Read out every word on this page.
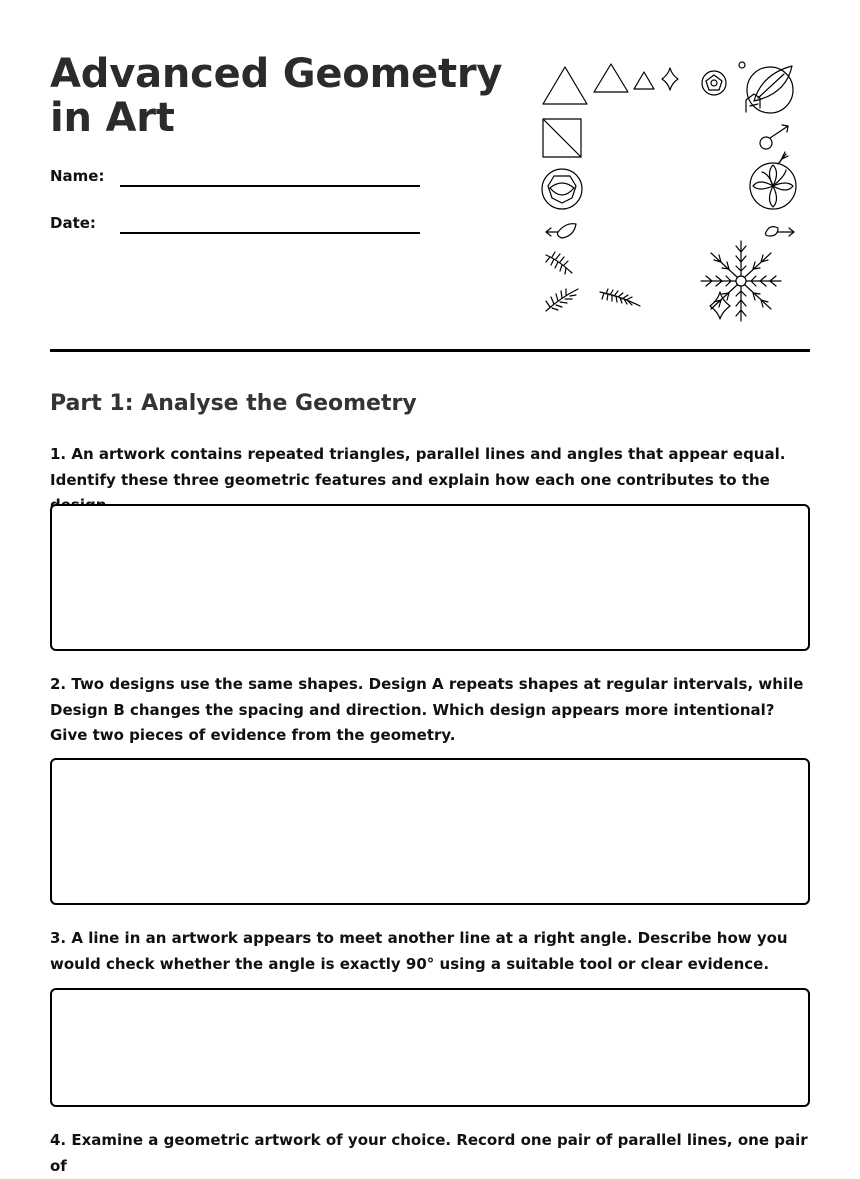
Advanced Geometry in Art
Name:
Date:
Part 1: Analyse the Geometry

1. An artwork contains repeated triangles, parallel lines and angles that appear equal. Identify these three geometric features and explain how each one contributes to the

2. Two designs use the same shapes. Design A repeats shapes at regular intervals, while Design B changes the spacing and direction. Which design appears more intentional? Give two pieces of evidence from the geometry.

3. A line in an artwork appears to meet another line at a right angle. Describe how you would check whether the angle is exactly 90° using a suitable tool or clear evidence.

4. Examine a geometric artwork of your choice. Record one pair of parallel lines, one pair of
